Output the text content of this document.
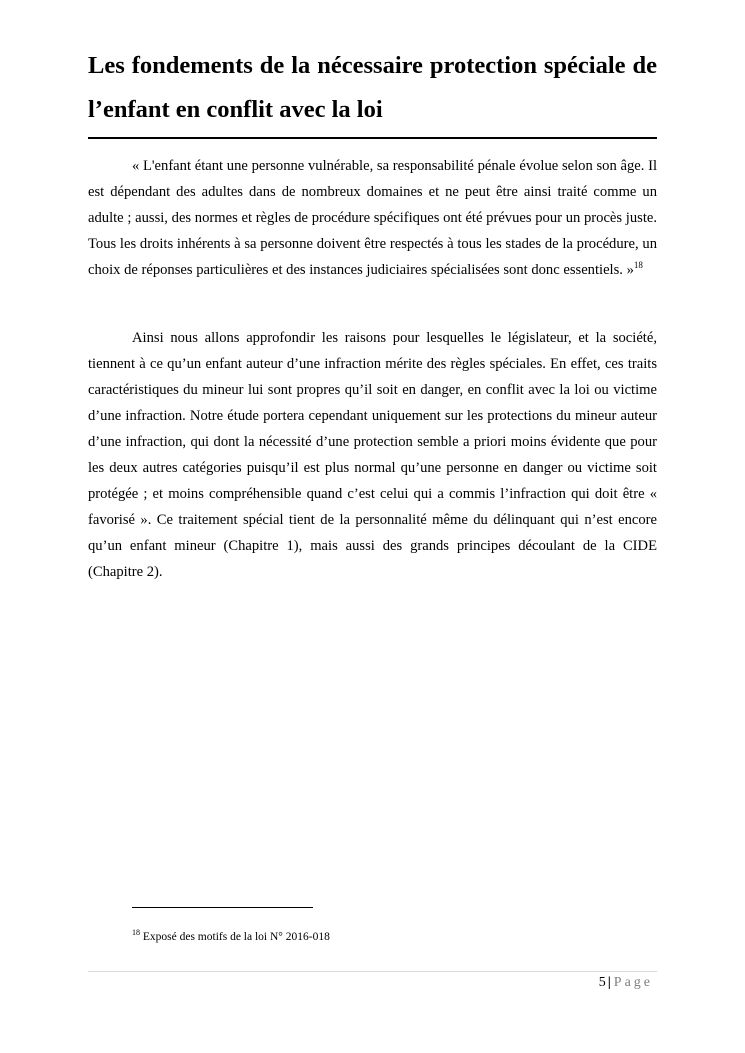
Les fondements de la nécessaire protection spéciale de l’enfant en conflit avec la loi

« L'enfant étant une personne vulnérable, sa responsabilité pénale évolue selon son âge. Il est dépendant des adultes dans de nombreux domaines et ne peut être ainsi traité comme un adulte ; aussi, des normes et règles de procédure spécifiques ont été prévues pour un procès juste. Tous les droits inhérents à sa personne doivent être respectés à tous les stades de la procédure, un choix de réponses particulières et des instances judiciaires spécialisées sont donc essentiels. »$^{18}$

Ainsi nous allons approfondir les raisons pour lesquelles le législateur, et la société, tiennent à ce qu’un enfant auteur d’une infraction mérite des règles spéciales. En effet, ces traits caractéristiques du mineur lui sont propres qu’il soit en danger, en conflit avec la loi ou victime d’une infraction. Notre étude portera cependant uniquement sur les protections du mineur auteur d’une infraction, qui dont la nécessité d’une protection semble a priori moins évidente que pour les deux autres catégories puisqu’il est plus normal qu’une personne en danger ou victime soit protégée ; et moins compréhensible quand c’est celui qui a commis l’infraction qui doit être « favorisé ». Ce traitement spécial tient de la personnalité même du délinquant qui n’est encore qu’un enfant mineur (Chapitre 1), mais aussi des grands principes découlant de la CIDE (Chapitre 2).

$^{18}$ Exposé des motifs de la loi N° 2016-018

5 | Page
